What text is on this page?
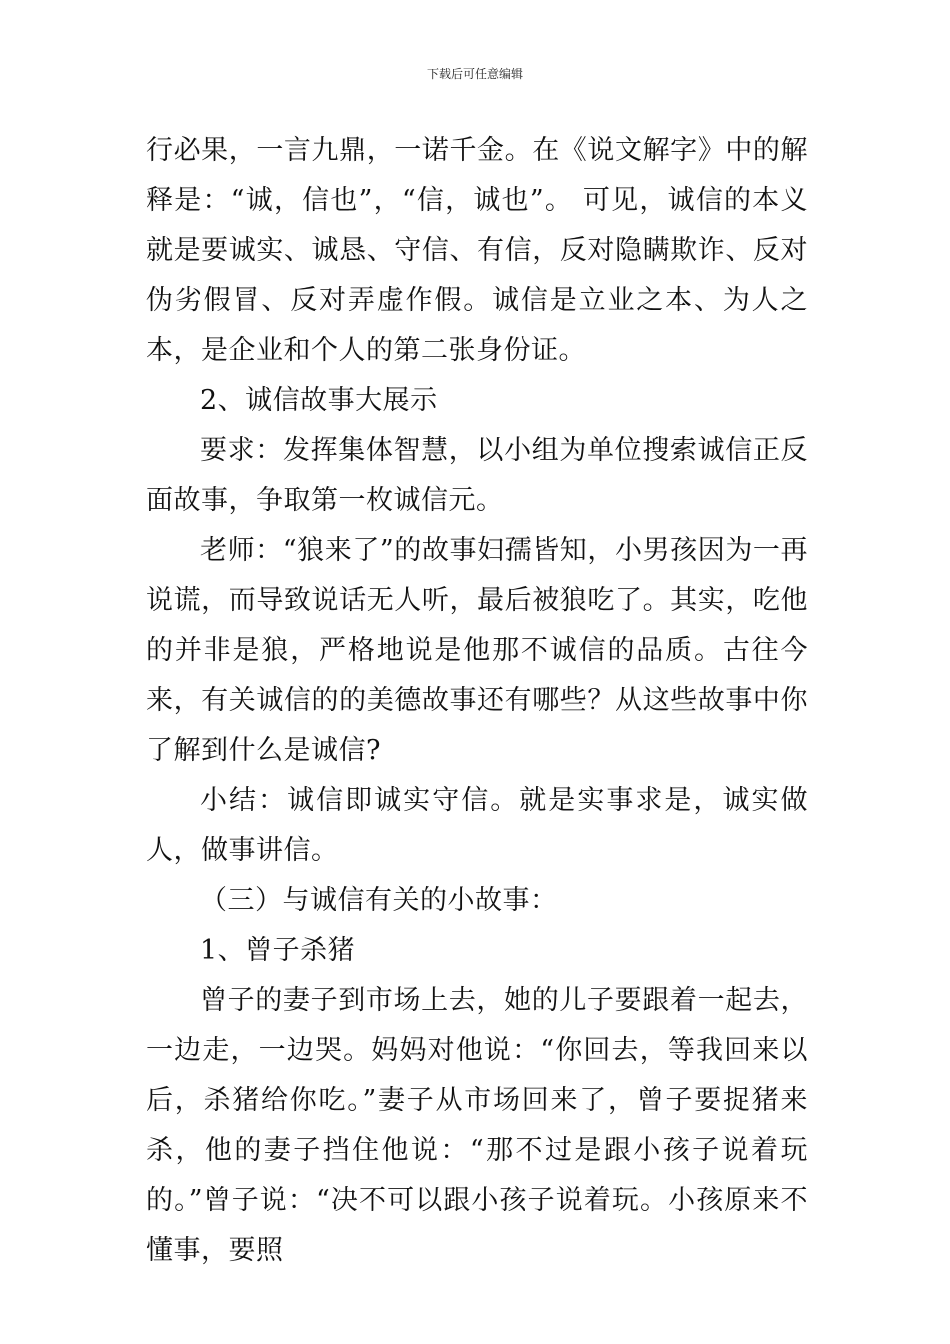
下载后可任意编辑

行必果，一言九鼎，一诺千金。在《说文解字》中的解释是：“诚，信也”，“信，诚也”。 可见，诚信的本义就是要诚实、诚恳、守信、有信，反对隐瞒欺诈、反对伪劣假冒、反对弄虚作假。诚信是立业之本、为人之本，是企业和个人的第二张身份证。

2、诚信故事大展示

要求：发挥集体智慧，以小组为单位搜索诚信正反面故事，争取第一枚诚信元。

老师：“狼来了”的故事妇孺皆知，小男孩因为一再说谎，而导致说话无人听，最后被狼吃了。其实，吃他的并非是狼，严格地说是他那不诚信的品质。古往今来，有关诚信的的美德故事还有哪些？从这些故事中你了解到什么是诚信?

小结：诚信即诚实守信。就是实事求是，诚实做人，做事讲信。

（三）与诚信有关的小故事：

1、曾子杀猪

曾子的妻子到市场上去，她的儿子要跟着一起去，一边走，一边哭。妈妈对他说：“你回去，等我回来以后，杀猪给你吃。”妻子从市场回来了，曾子要捉猪来杀，他的妻子挡住他说：“那不过是跟小孩子说着玩的。”曾子说：“决不可以跟小孩子说着玩。小孩原来不懂事，要照
